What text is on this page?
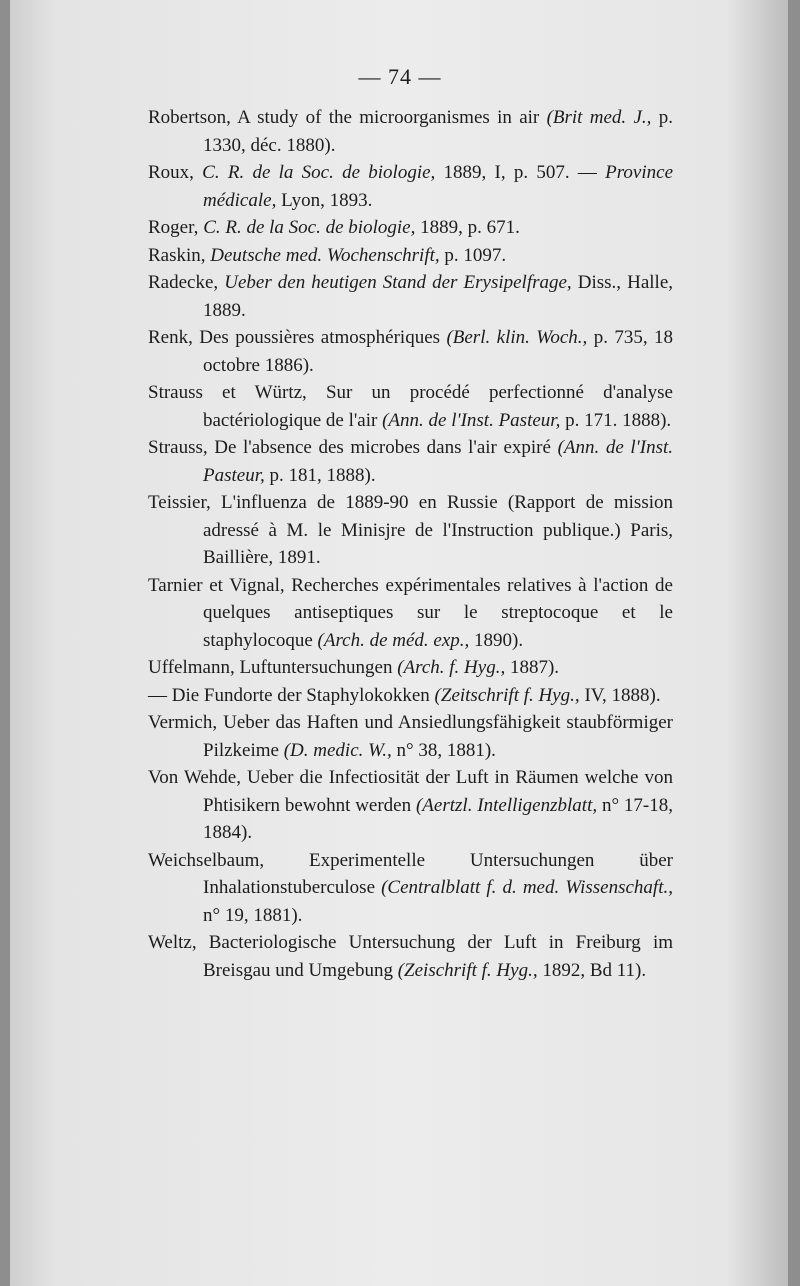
— 74 —
Robertson, A study of the microorganismes in air (Brit med. J., p. 1330, déc. 1880).
Roux, C. R. de la Soc. de biologie, 1889, I, p. 507. — Province médicale, Lyon, 1893.
Roger, C. R. de la Soc. de biologie, 1889, p. 671.
Raskin, Deutsche med. Wochenschrift, p. 1097.
Radecke, Ueber den heutigen Stand der Erysipelfrage, Diss., Halle, 1889.
Renk, Des poussières atmosphériques (Berl. klin. Woch., p. 735, 18 octobre 1886).
Strauss et Würtz, Sur un procédé perfectionné d'analyse bactériologique de l'air (Ann. de l'Inst. Pasteur, p. 171. 1888).
Strauss, De l'absence des microbes dans l'air expiré (Ann. de l'Inst. Pasteur, p. 181, 1888).
Teissier, L'influenza de 1889-90 en Russie (Rapport de mission adressé à M. le Minisjre de l'Instruction publique.) Paris, Baillière, 1891.
Tarnier et Vignal, Recherches expérimentales relatives à l'action de quelques antiseptiques sur le streptocoque et le staphylocoque (Arch. de méd. exp., 1890).
Uffelmann, Luftuntersuchungen (Arch. f. Hyg., 1887).
— Die Fundorte der Staphylokokken (Zeitschrift f. Hyg., IV, 1888).
Vermich, Ueber das Haften und Ansiedlungsfähigkeit staubförmiger Pilzkeime (D. medic. W., n° 38, 1881).
Von Wehde, Ueber die Infectiosität der Luft in Räumen welche von Phtisikern bewohnt werden (Aertzl. Intelligenzblatt, n° 17-18, 1884).
Weichselbaum, Experimentelle Untersuchungen über Inhalationstuberculose (Centralblatt f. d. med. Wissenschaft., n° 19, 1881).
Weltz, Bacteriologische Untersuchung der Luft in Freiburg im Breisgau und Umgebung (Zeischrift f. Hyg., 1892, Bd 11).
